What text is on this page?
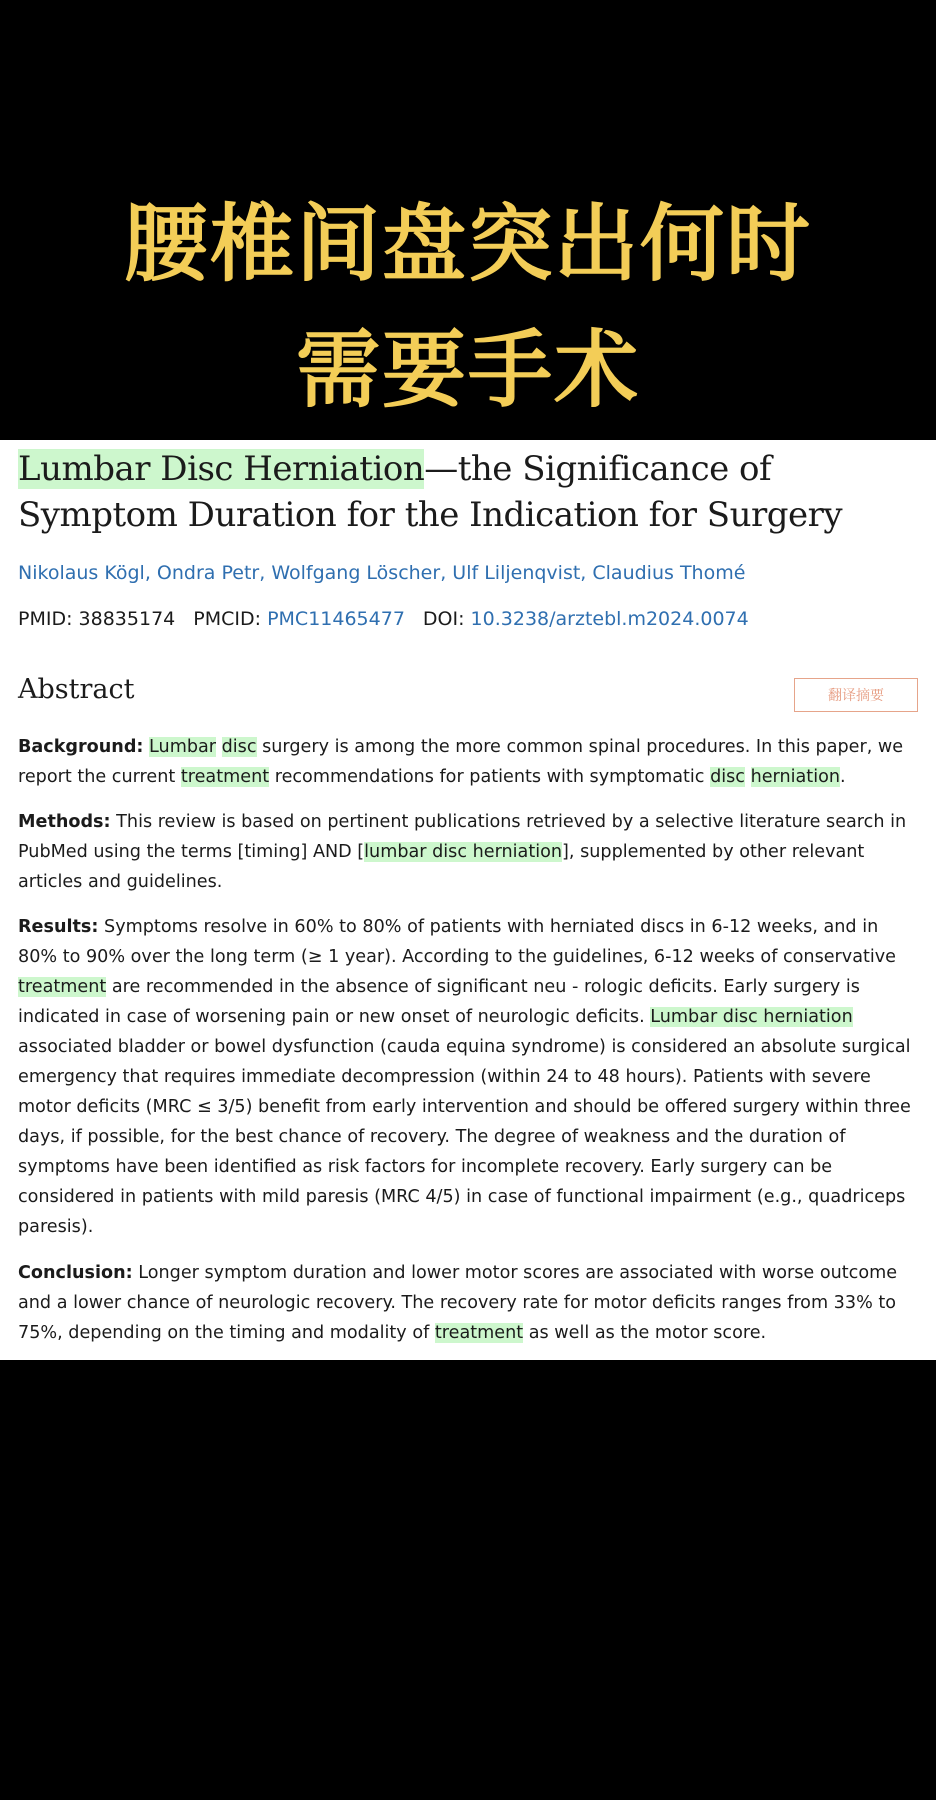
腰椎间盘突出何时
需要手术
Lumbar Disc Herniation—the Significance of Symptom Duration for the Indication for Surgery
Nikolaus Kögl, Ondra Petr, Wolfgang Löscher, Ulf Liljenqvist, Claudius Thomé
PMID: 38835174 PMCID: PMC11465477 DOI: 10.3238/arztebl.m2024.0074
Abstract	翻译摘要

Background: Lumbar disc surgery is among the more common spinal procedures. In this paper, we report the current treatment recommendations for patients with symptomatic disc herniation.

Methods: This review is based on pertinent publications retrieved by a selective literature search in PubMed using the terms [timing] AND [lumbar disc herniation], supplemented by other relevant articles and guidelines.

Results: Symptoms resolve in 60% to 80% of patients with herniated discs in 6-12 weeks, and in 80% to 90% over the long term (≥ 1 year). According to the guidelines, 6-12 weeks of conservative treatment are recommended in the absence of significant neu - rologic deficits. Early surgery is indicated in case of worsening pain or new onset of neurologic deficits. Lumbar disc herniation associated bladder or bowel dysfunction (cauda equina syndrome) is considered an absolute surgical emergency that requires immediate decompression (within 24 to 48 hours). Patients with severe motor deficits (MRC ≤ 3/5) benefit from early intervention and should be offered surgery within three days, if possible, for the best chance of recovery. The degree of weakness and the duration of symptoms have been identified as risk factors for incomplete recovery. Early surgery can be considered in patients with mild paresis (MRC 4/5) in case of functional impairment (e.g., quadriceps paresis).

Conclusion: Longer symptom duration and lower motor scores are associated with worse outcome and a lower chance of neurologic recovery. The recovery rate for motor deficits ranges from 33% to 75%, depending on the timing and modality of treatment as well as the motor score.
